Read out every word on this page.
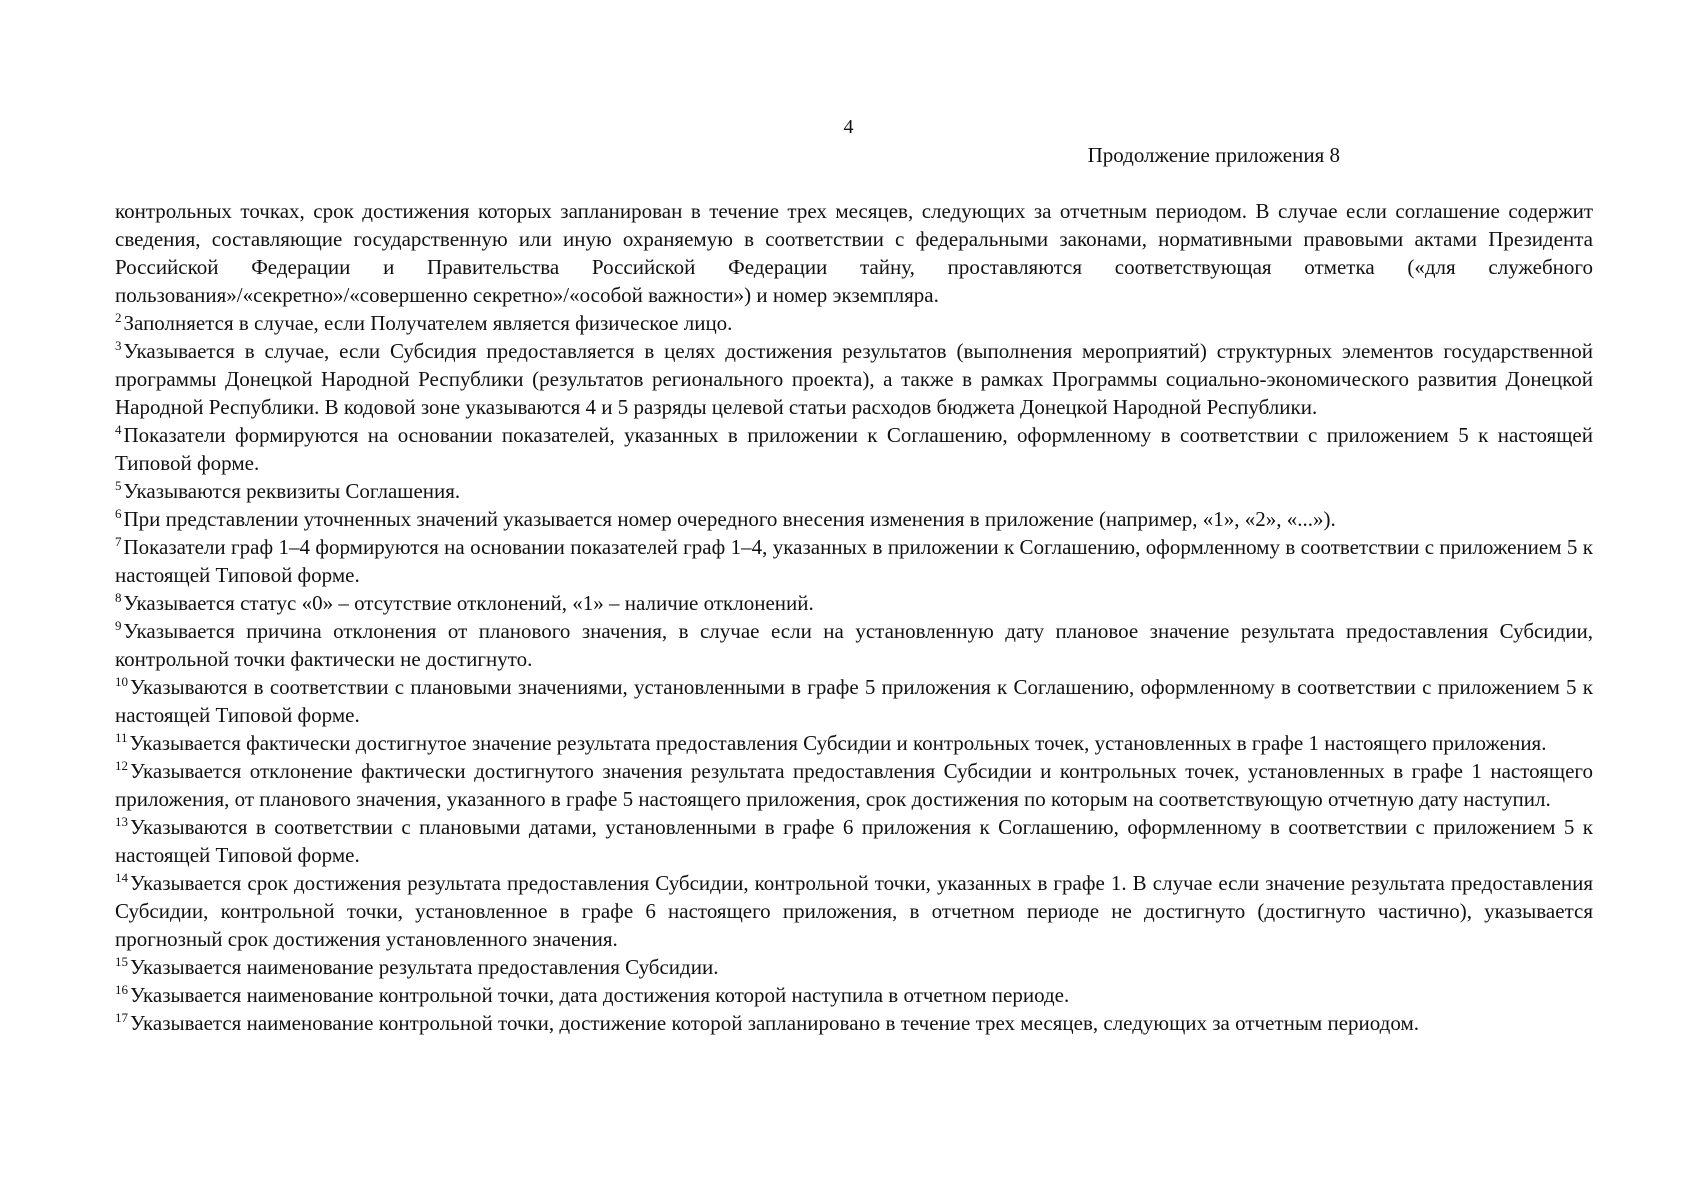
4
Продолжение приложения 8

контрольных точках, срок достижения которых запланирован в течение трех месяцев, следующих за отчетным периодом. В случае если соглашение содержит сведения, составляющие государственную или иную охраняемую в соответствии с федеральными законами, нормативными правовыми актами Президента Российской Федерации и Правительства Российской Федерации тайну, проставляются соответствующая отметка («для служебного пользования»/«секретно»/«совершенно секретно»/«особой важности») и номер экземпляра.

$^2$Заполняется в случае, если Получателем является физическое лицо.

$^3$Указывается в случае, если Субсидия предоставляется в целях достижения результатов (выполнения мероприятий) структурных элементов государственной программы Донецкой Народной Республики (результатов регионального проекта), а также в рамках Программы социально-экономического развития Донецкой Народной Республики. В кодовой зоне указываются 4 и 5 разряды целевой статьи расходов бюджета Донецкой Народной Республики.

$^4$Показатели формируются на основании показателей, указанных в приложении к Соглашению, оформленному в соответствии с приложением 5 к настоящей Типовой форме.

$^5$Указываются реквизиты Соглашения.

$^6$При представлении уточненных значений указывается номер очередного внесения изменения в приложение (например, «1», «2», «...»).

$^7$Показатели граф 1–4 формируются на основании показателей граф 1–4, указанных в приложении к Соглашению, оформленному в соответствии с приложением 5 к настоящей Типовой форме.

$^8$Указывается статус «0» – отсутствие отклонений, «1» – наличие отклонений.

$^9$Указывается причина отклонения от планового значения, в случае если на установленную дату плановое значение результата предоставления Субсидии, контрольной точки фактически не достигнуто.

$^{10}$Указываются в соответствии с плановыми значениями, установленными в графе 5 приложения к Соглашению, оформленному в соответствии с приложением 5 к настоящей Типовой форме.

$^{11}$Указывается фактически достигнутое значение результата предоставления Субсидии и контрольных точек, установленных в графе 1 настоящего приложения.

$^{12}$Указывается отклонение фактически достигнутого значения результата предоставления Субсидии и контрольных точек, установленных в графе 1 настоящего приложения, от планового значения, указанного в графе 5 настоящего приложения, срок достижения по которым на соответствующую отчетную дату наступил.

$^{13}$Указываются в соответствии с плановыми датами, установленными в графе 6 приложения к Соглашению, оформленному в соответствии с приложением 5 к настоящей Типовой форме.

$^{14}$Указывается срок достижения результата предоставления Субсидии, контрольной точки, указанных в графе 1. В случае если значение результата предоставления Субсидии, контрольной точки, установленное в графе 6 настоящего приложения, в отчетном периоде не достигнуто (достигнуто частично), указывается прогнозный срок достижения установленного значения.

$^{15}$Указывается наименование результата предоставления Субсидии.

$^{16}$Указывается наименование контрольной точки, дата достижения которой наступила в отчетном периоде.

$^{17}$Указывается наименование контрольной точки, достижение которой запланировано в течение трех месяцев, следующих за отчетным периодом.
